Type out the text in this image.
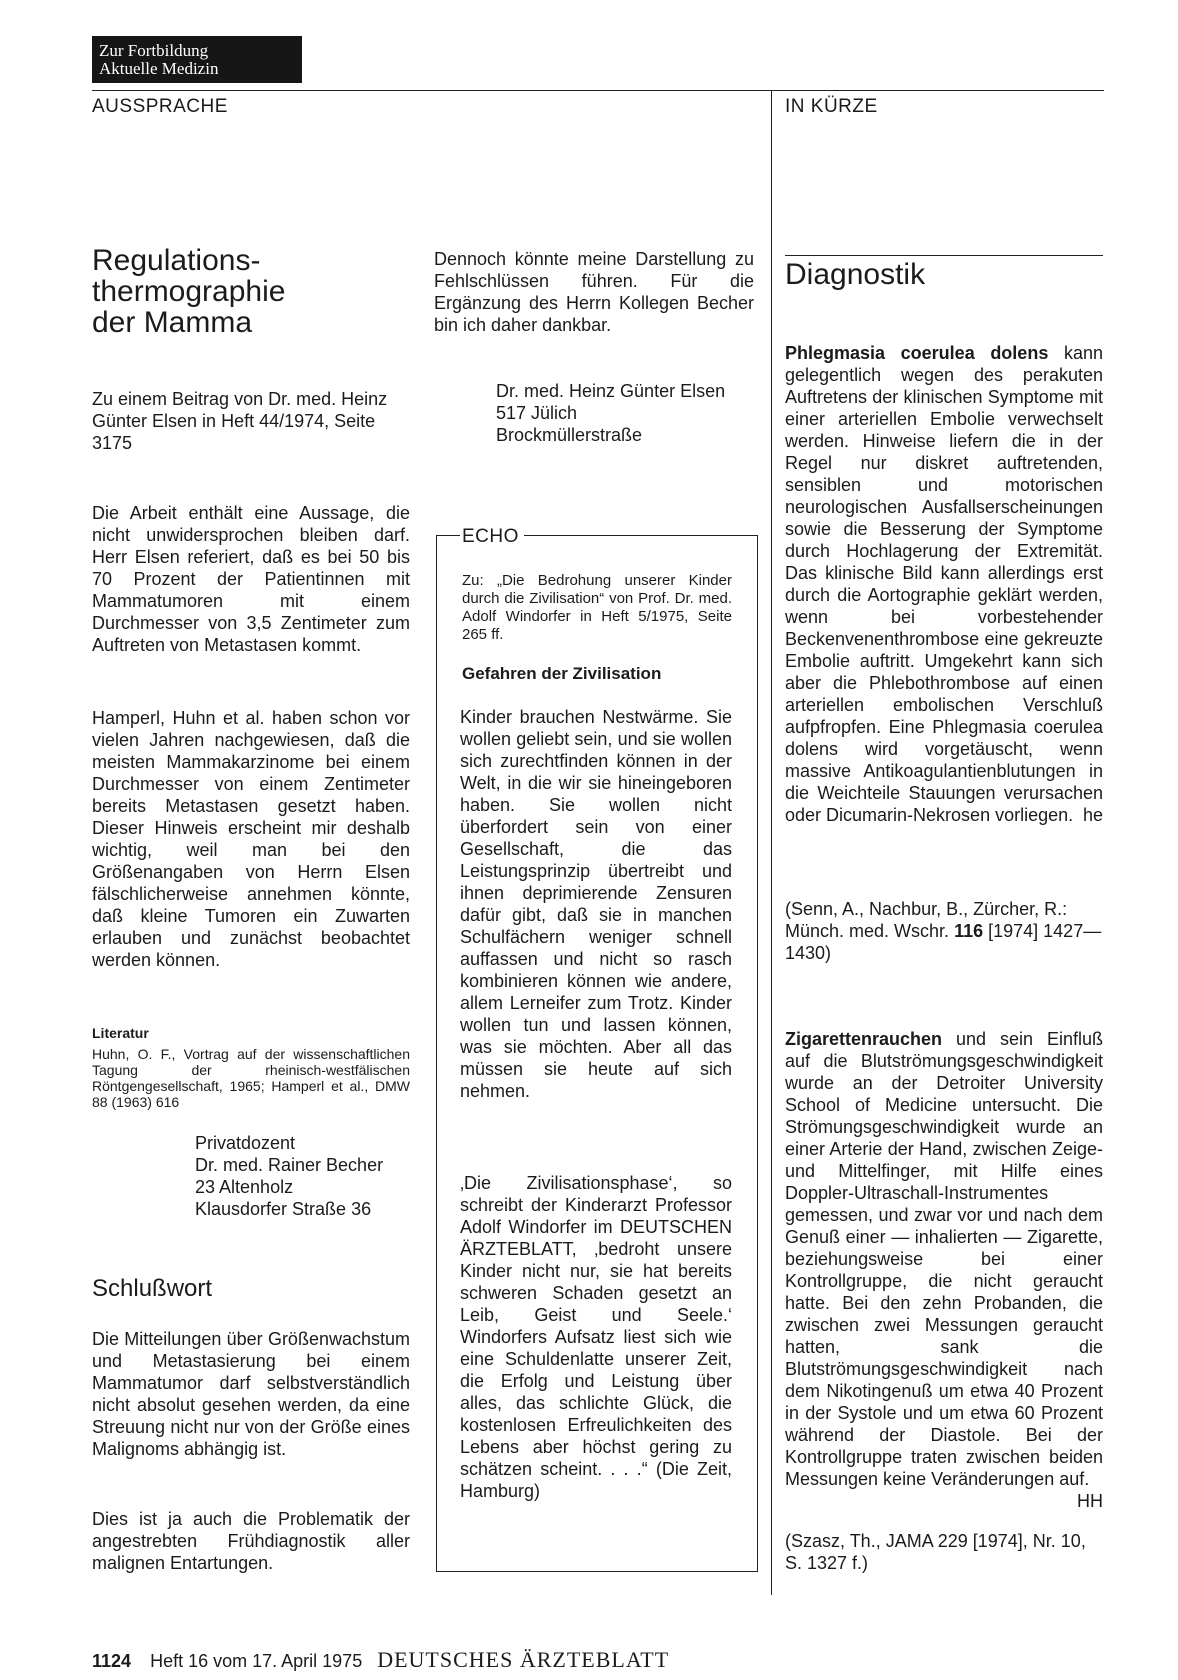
Zur Fortbildung
Aktuelle Medizin
AUSSPRACHE	IN KÜRZE
Regulations-thermographie der Mamma

Zu einem Beitrag von Dr. med. Heinz Günter Elsen in Heft 44/1974, Seite 3175

Die Arbeit enthält eine Aussage, die nicht unwidersprochen bleiben darf. Herr Elsen referiert, daß es bei 50 bis 70 Prozent der Patientinnen mit Mammatumoren mit einem Durchmesser von 3,5 Zentimeter zum Auftreten von Metastasen kommt.

Hamperl, Huhn et al. haben schon vor vielen Jahren nachgewiesen, daß die meisten Mammakarzinome bei einem Durchmesser von einem Zentimeter bereits Metastasen gesetzt haben. Dieser Hinweis erscheint mir deshalb wichtig, weil man bei den Größenangaben von Herrn Elsen fälschlicherweise annehmen könnte, daß kleine Tumoren ein Zuwarten erlauben und zunächst beobachtet werden können.

Literatur

Huhn, O. F., Vortrag auf der wissenschaftlichen Tagung der rheinisch-westfälischen Röntgengesellschaft, 1965; Hamperl et al., DMW 88 (1963) 616

Privatdozent
Dr. med. Rainer Becher
23 Altenholz
Klausdorfer Straße 36
Schlußwort

Die Mitteilungen über Größenwachstum und Metastasierung bei einem Mammatumor darf selbstverständlich nicht absolut gesehen werden, da eine Streuung nicht nur von der Größe eines Malignoms abhängig ist.

Dies ist ja auch die Problematik der angestrebten Frühdiagnostik aller malignen Entartungen.

Dennoch könnte meine Darstellung zu Fehlschlüssen führen. Für die Ergänzung des Herrn Kollegen Becher bin ich daher dankbar.

Dr. med. Heinz Günter Elsen
517 Jülich
Brockmüllerstraße
ECHO

Zu: „Die Bedrohung unserer Kinder durch die Zivilisation“ von Prof. Dr. med. Adolf Windorfer in Heft 5/1975, Seite 265 ff.

Gefahren der Zivilisation

Kinder brauchen Nestwärme. Sie wollen geliebt sein, und sie wollen sich zurechtfinden können in der Welt, in die wir sie hineingeboren haben. Sie wollen nicht überfordert sein von einer Gesellschaft, die das Leistungsprinzip übertreibt und ihnen deprimierende Zensuren dafür gibt, daß sie in manchen Schulfächern weniger schnell auffassen und nicht so rasch kombinieren können wie andere, allem Lerneifer zum Trotz. Kinder wollen tun und lassen können, was sie möchten. Aber all das müssen sie heute auf sich nehmen.

‚Die Zivilisationsphase‘, so schreibt der Kinderarzt Professor Adolf Windorfer im DEUTSCHEN ÄRZTEBLATT, ‚bedroht unsere Kinder nicht nur, sie hat bereits schweren Schaden gesetzt an Leib, Geist und Seele.‘ Windorfers Aufsatz liest sich wie eine Schuldenlatte unserer Zeit, die Erfolg und Leistung über alles, das schlichte Glück, die kostenlosen Erfreulichkeiten des Lebens aber höchst gering zu schätzen scheint. . . .“ (Die Zeit, Hamburg)

Diagnostik

Phlegmasia coerulea dolens kann gelegentlich wegen des perakuten Auftretens der klinischen Symptome mit einer arteriellen Embolie verwechselt werden. Hinweise liefern die in der Regel nur diskret auftretenden, sensiblen und motorischen neurologischen Ausfallserscheinungen sowie die Besserung der Symptome durch Hochlagerung der Extremität. Das klinische Bild kann allerdings erst durch die Aortographie geklärt werden, wenn bei vorbestehender Beckenvenenthrombose eine gekreuzte Embolie auftritt. Umgekehrt kann sich aber die Phlebothrombose auf einen arteriellen embolischen Verschluß aufpfropfen. Eine Phlegmasia coerulea dolens wird vorgetäuscht, wenn massive Antikoagulantienblutungen in die Weichteile Stauungen verursachen oder Dicumarin-Nekrosen vorliegen. he

(Senn, A., Nachbur, B., Zürcher, R.: Münch. med. Wschr. 116 [1974] 1427—1430)

Zigarettenrauchen und sein Einfluß auf die Blutströmungsgeschwindigkeit wurde an der Detroiter University School of Medicine untersucht. Die Strömungsgeschwindigkeit wurde an einer Arterie der Hand, zwischen Zeige- und Mittelfinger, mit Hilfe eines Doppler-Ultraschall-Instrumentes gemessen, und zwar vor und nach dem Genuß einer — inhalierten — Zigarette, beziehungsweise bei einer Kontrollgruppe, die nicht geraucht hatte. Bei den zehn Probanden, die zwischen zwei Messungen geraucht hatten, sank die Blutströmungsgeschwindigkeit nach dem Nikotingenuß um etwa 40 Prozent in der Systole und um etwa 60 Prozent während der Diastole. Bei der Kontrollgruppe traten zwischen beiden Messungen keine Veränderungen auf.
HH

(Szasz, Th., JAMA 229 [1974], Nr. 10, S. 1327 f.)

1124 Heft 16 vom 17. April 1975 DEUTSCHES ÄRZTEBLATT
